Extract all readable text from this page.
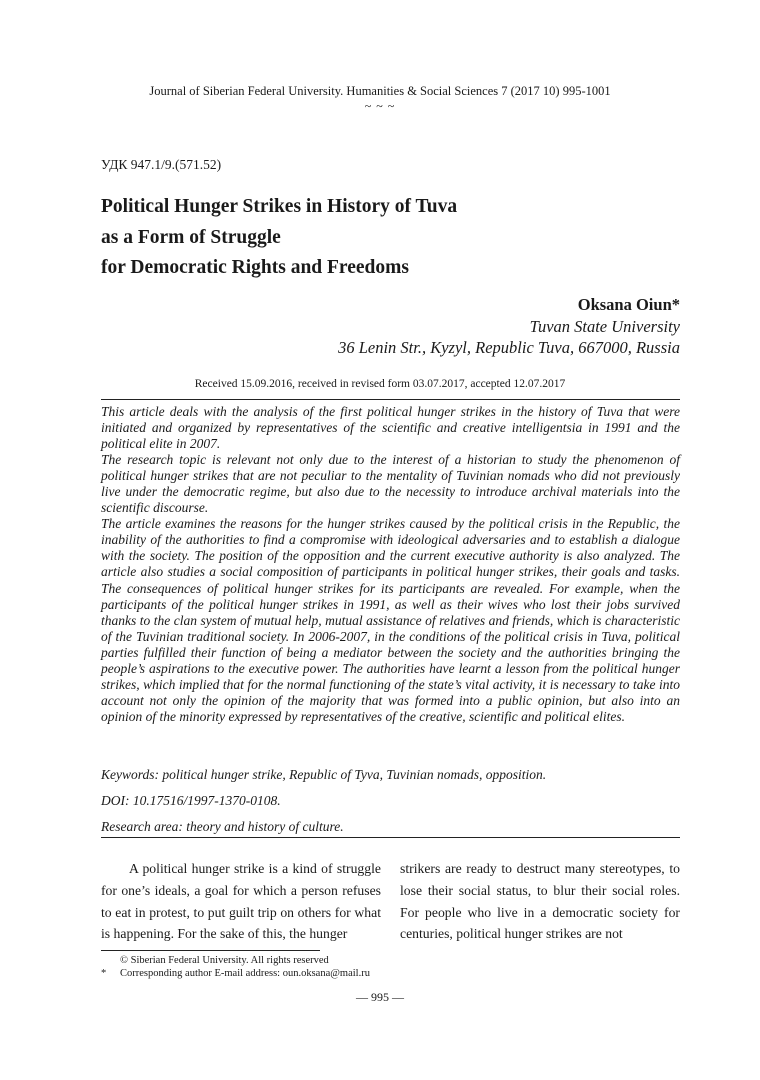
Journal of Siberian Federal University. Humanities & Social Sciences 7 (2017 10) 995-1001
~ ~ ~
УДК 947.1/9.(571.52)
Political Hunger Strikes in History of Tuva
as a Form of Struggle
for Democratic Rights and Freedoms
Oksana Oiun*
Tuvan State University
36 Lenin Str., Kyzyl, Republic Tuva, 667000, Russia
Received 15.09.2016, received in revised form 03.07.2017, accepted 12.07.2017

This article deals with the analysis of the first political hunger strikes in the history of Tuva that were initiated and organized by representatives of the scientific and creative intelligentsia in 1991 and the political elite in 2007.

The research topic is relevant not only due to the interest of a historian to study the phenomenon of political hunger strikes that are not peculiar to the mentality of Tuvinian nomads who did not previously live under the democratic regime, but also due to the necessity to introduce archival materials into the scientific discourse.

The article examines the reasons for the hunger strikes caused by the political crisis in the Republic, the inability of the authorities to find a compromise with ideological adversaries and to establish a dialogue with the society. The position of the opposition and the current executive authority is also analyzed. The article also studies a social composition of participants in political hunger strikes, their goals and tasks. The consequences of political hunger strikes for its participants are revealed. For example, when the participants of the political hunger strikes in 1991, as well as their wives who lost their jobs survived thanks to the clan system of mutual help, mutual assistance of relatives and friends, which is characteristic of the Tuvinian traditional society. In 2006-2007, in the conditions of the political crisis in Tuva, political parties fulfilled their function of being a mediator between the society and the authorities bringing the people’s aspirations to the executive power. The authorities have learnt a lesson from the political hunger strikes, which implied that for the normal functioning of the state’s vital activity, it is necessary to take into account not only the opinion of the majority that was formed into a public opinion, but also into an opinion of the minority expressed by representatives of the creative, scientific and political elites.

Keywords: political hunger strike, Republic of Tyva, Tuvinian nomads, opposition.
DOI: 10.17516/1997-1370-0108.
Research area: theory and history of culture.

A political hunger strike is a kind of struggle for one’s ideals, a goal for which a person refuses to eat in protest, to put guilt trip on others for what is happening. For the sake of this, the hunger

strikers are ready to destruct many stereotypes, to lose their social status, to blur their social roles. For people who live in a democratic society for centuries, political hunger strikes are not

© Siberian Federal University. All rights reserved
* Corresponding author E-mail address: oun.oksana@mail.ru
— 995 —
